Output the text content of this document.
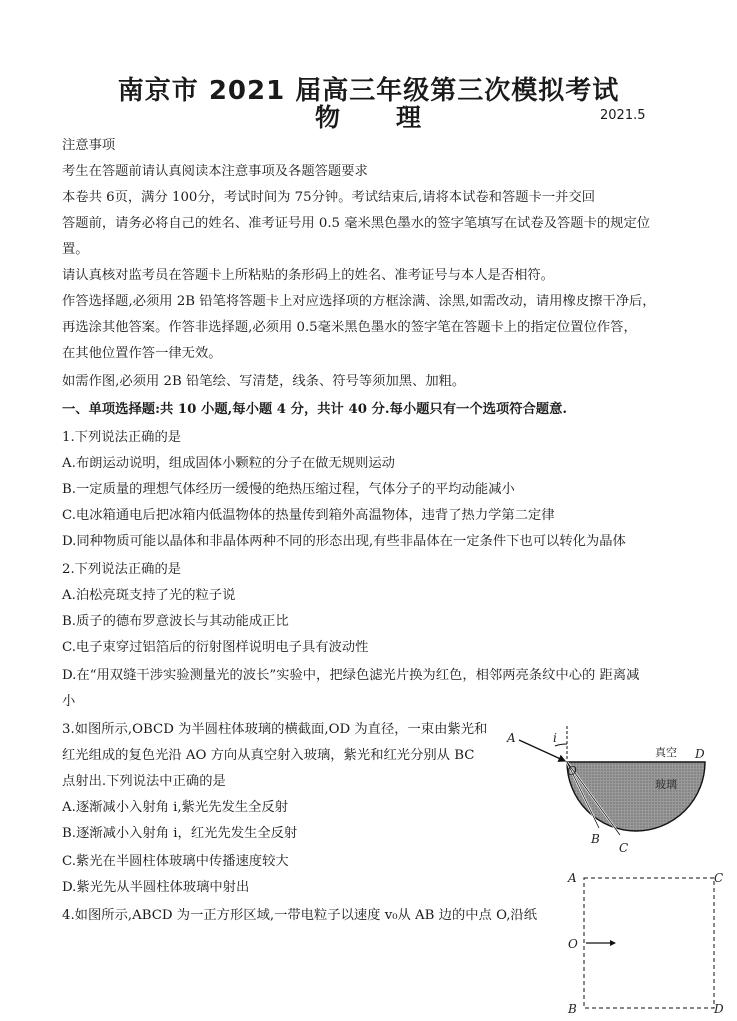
南京市 2021 届高三年级第三次模拟考试
物　　理	2021.5
注意事项
考生在答题前请认真阅读本注意事项及各题答题要求
本卷共 6页，满分 100分，考试时间为 75分钟。考试结束后,请将本试卷和答题卡一并交回
答题前，请务必将自己的姓名、准考证号用 0.5 毫米黑色墨水的签字笔填写在试卷及答题卡的规定位
置。
请认真核对监考员在答题卡上所粘贴的条形码上的姓名、准考证号与本人是否相符。
作答选择题,必须用 2B 铅笔将答题卡上对应选择项的方框涂满、涂黑,如需改动，请用橡皮擦干净后，
再选涂其他答案。作答非选择题,必须用 0.5毫米黑色墨水的签字笔在答题卡上的指定位置位作答，
在其他位置作答一律无效。
如需作图,必须用 2B 铅笔绘、写清楚，线条、符号等须加黑、加粗。
一、单项选择题:共 10 小题,每小题 4 分，共计 40 分.每小题只有一个选项符合题意.
1.下列说法正确的是
A.布朗运动说明，组成固体小颗粒的分子在做无规则运动
B.一定质量的理想气体经历一缓慢的绝热压缩过程，气体分子的平均动能减小
C.电冰箱通电后把冰箱内低温物体的热量传到箱外高温物体，违背了热力学第二定律
D.同种物质可能以晶体和非晶体两种不同的形态出现,有些非晶体在一定条件下也可以转化为晶体
2.下列说法正确的是
A.泊松亮斑支持了光的粒子说
B.质子的德布罗意波长与其动能成正比
C.电子束穿过铝箔后的衍射图样说明电子具有波动性
D.在“用双缝干涉实验测量光的波长”实验中，把绿色滤光片换为红色，相邻两亮条纹中心的 距离减
小
3.如图所示,OBCD 为半圆柱体玻璃的横截面,OD 为直径，一束由紫光和
红光组成的复色光沿 AO 方向从真空射入玻璃，紫光和红光分别从 BC
点射出.下列说法中正确的是
A.逐渐减小入射角 i,紫光先发生全反射
B.逐渐减小入射角 i，红光先发生全反射
C.紫光在半圆柱体玻璃中传播速度较大
D.紫光先从半圆柱体玻璃中射出
4.如图所示,ABCD 为一正方形区域,一带电粒子以速度 v₀从 AB 边的中点 O,沿纸
A	i
O
真空 D
玻璃
B
C
A	C
O
B	D
